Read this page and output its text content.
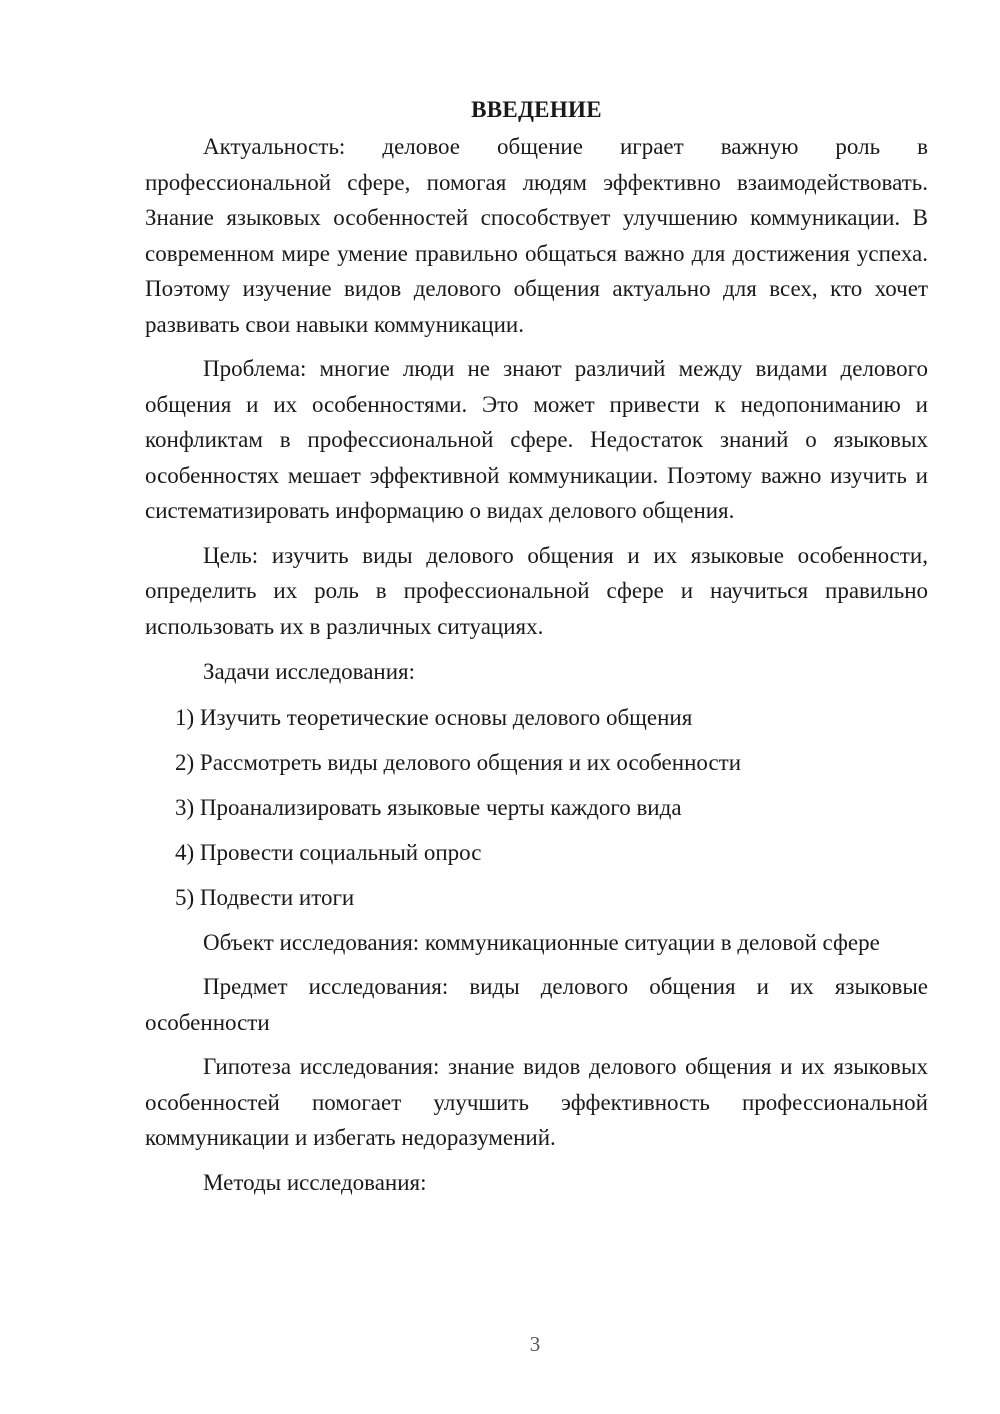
ВВЕДЕНИЕ

Актуальность: деловое общение играет важную роль в профессиональной сфере, помогая людям эффективно взаимодействовать. Знание языковых особенностей способствует улучшению коммуникации. В современном мире умение правильно общаться важно для достижения успеха. Поэтому изучение видов делового общения актуально для всех, кто хочет развивать свои навыки коммуникации.

Проблема: многие люди не знают различий между видами делового общения и их особенностями. Это может привести к недопониманию и конфликтам в профессиональной сфере. Недостаток знаний о языковых особенностях мешает эффективной коммуникации. Поэтому важно изучить и систематизировать информацию о видах делового общения.

Цель: изучить виды делового общения и их языковые особенности, определить их роль в профессиональной сфере и научиться правильно использовать их в различных ситуациях.

Задачи исследования:

1) Изучить теоретические основы делового общения
2) Рассмотреть виды делового общения и их особенности
3) Проанализировать языковые черты каждого вида
4) Провести социальный опрос
5) Подвести итоги

Объект исследования: коммуникационные ситуации в деловой сфере

Предмет исследования: виды делового общения и их языковые особенности

Гипотеза исследования: знание видов делового общения и их языковых особенностей помогает улучшить эффективность профессиональной коммуникации и избегать недоразумений.

Методы исследования:

3
